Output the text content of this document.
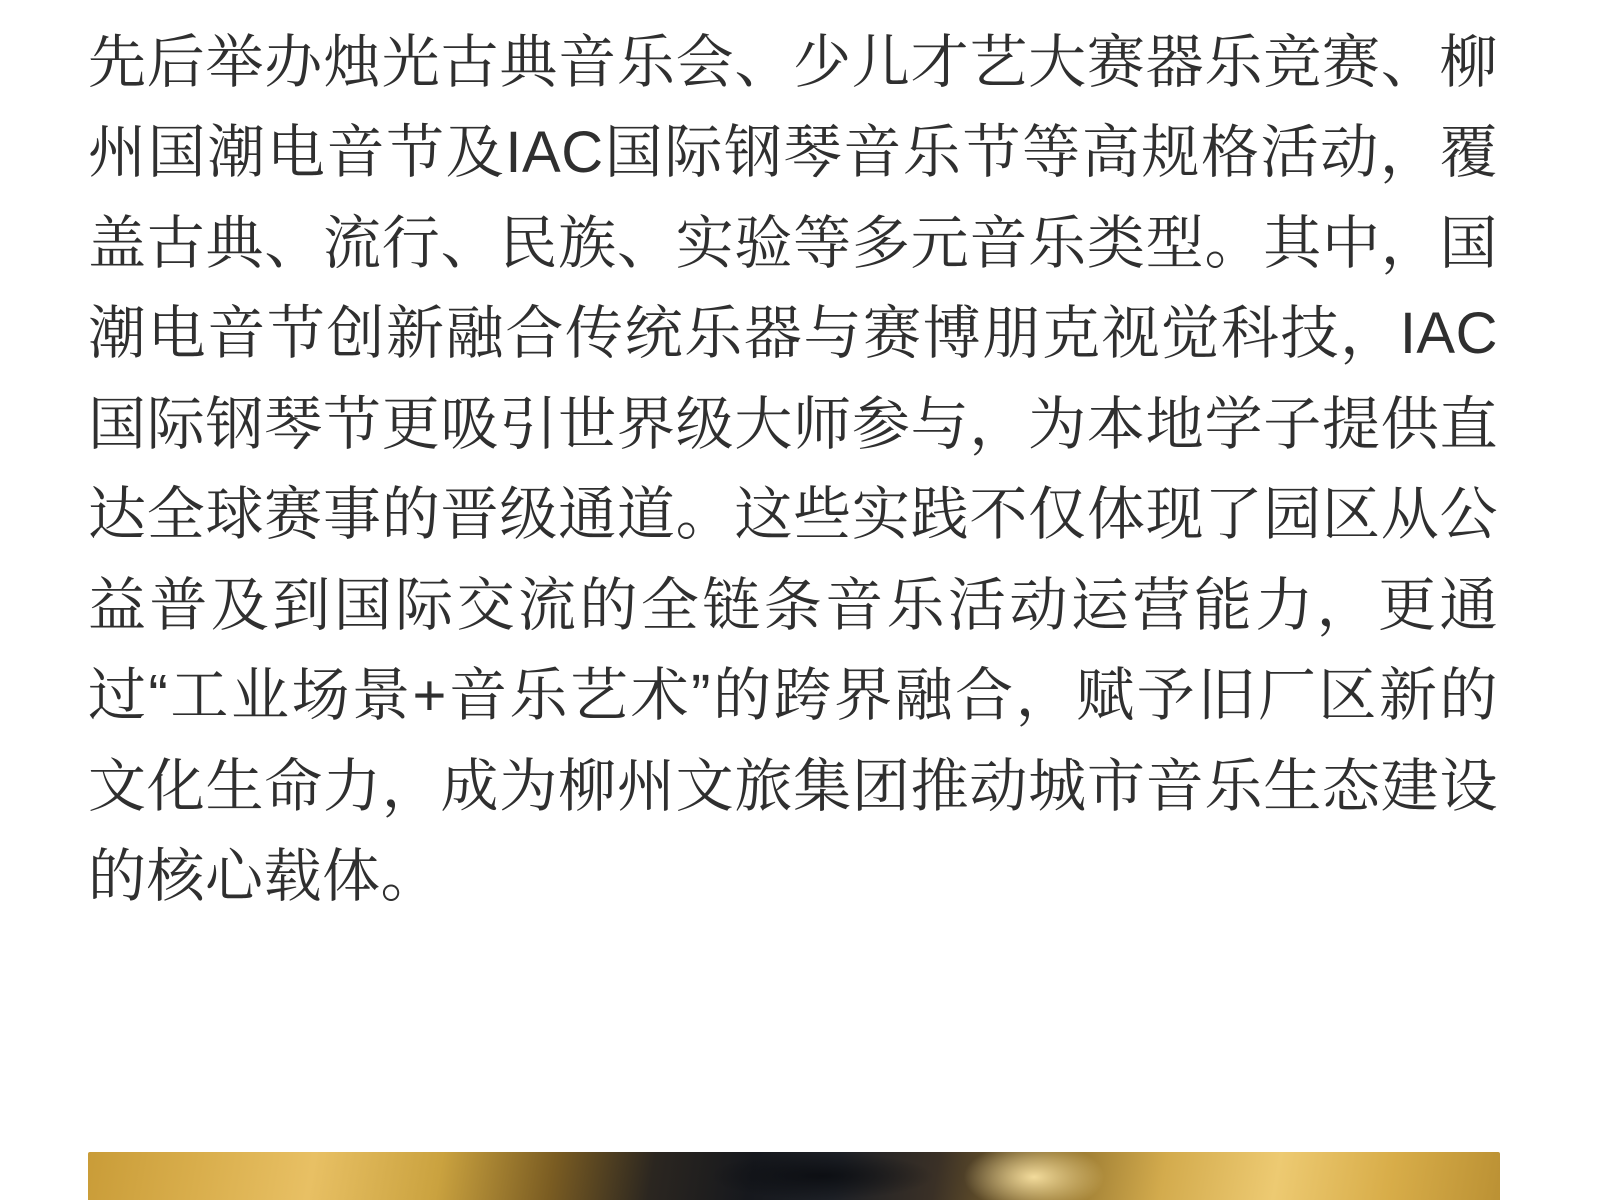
先后举办烛光古典音乐会、少儿才艺大赛器乐竞赛、柳州国潮电音节及IAC国际钢琴音乐节等高规格活动，覆盖古典、流行、民族、实验等多元音乐类型。其中，国潮电音节创新融合传统乐器与赛博朋克视觉科技，IAC国际钢琴节更吸引世界级大师参与，为本地学子提供直达全球赛事的晋级通道。这些实践不仅体现了园区从公益普及到国际交流的全链条音乐活动运营能力，更通过“工业场景+音乐艺术”的跨界融合，赋予旧厂区新的文化生命力，成为柳州文旅集团推动城市音乐生态建设的核心载体。
